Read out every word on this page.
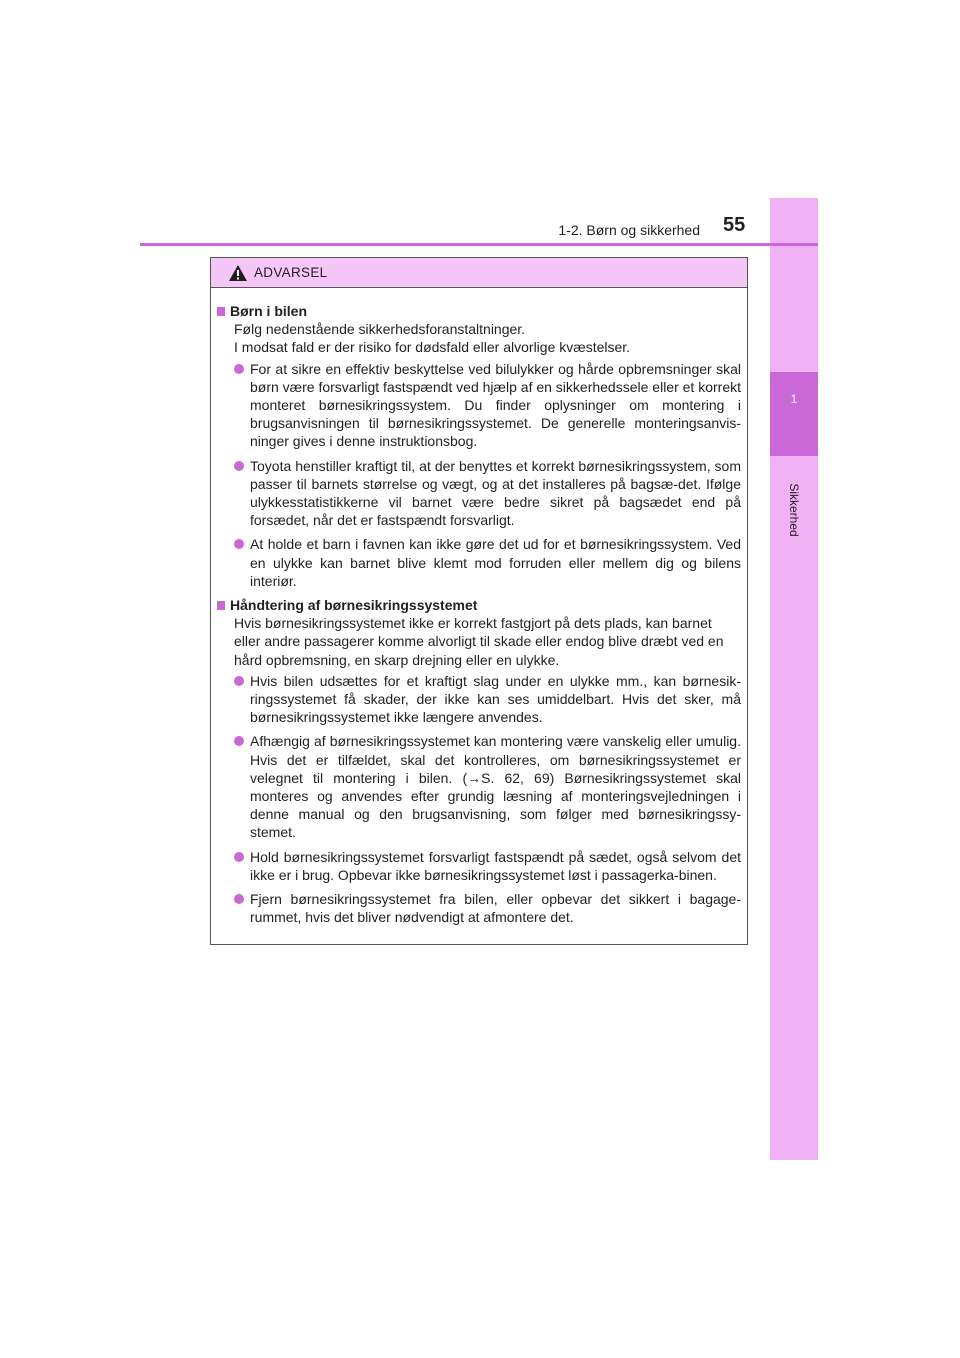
1
Sikkerhed
1-2. Børn og sikkerhed 55
ADVARSEL
Børn i bilen

Følg nedenstående sikkerhedsforanstaltninger.
I modsat fald er der risiko for dødsfald eller alvorlige kvæstelser.

For at sikre en effektiv beskyttelse ved bilulykker og hårde opbremsninger skal børn være forsvarligt fastspændt ved hjælp af en sikkerhedssele eller et korrekt monteret børnesikringssystem. Du finder oplysninger om montering i brugsanvisningen til børnesikringssystemet. De generelle monteringsanvis-ninger gives i denne instruktionsbog.

Toyota henstiller kraftigt til, at der benyttes et korrekt børnesikringssystem, som passer til barnets størrelse og vægt, og at det installeres på bagsæ-det. Ifølge ulykkesstatistikkerne vil barnet være bedre sikret på bagsædet end på forsædet, når det er fastspændt forsvarligt.

At holde et barn i favnen kan ikke gøre det ud for et børnesikringssystem. Ved en ulykke kan barnet blive klemt mod forruden eller mellem dig og bilens interiør.

Håndtering af børnesikringssystemet

Hvis børnesikringssystemet ikke er korrekt fastgjort på dets plads, kan barnet eller andre passagerer komme alvorligt til skade eller endog blive dræbt ved en hård opbremsning, en skarp drejning eller en ulykke.

Hvis bilen udsættes for et kraftigt slag under en ulykke mm., kan børnesik-ringssystemet få skader, der ikke kan ses umiddelbart. Hvis det sker, må børnesikringssystemet ikke længere anvendes.

Afhængig af børnesikringssystemet kan montering være vanskelig eller umulig. Hvis det er tilfældet, skal det kontrolleres, om børnesikringssystemet er velegnet til montering i bilen. (→S. 62, 69) Børnesikringssystemet skal monteres og anvendes efter grundig læsning af monteringsvejledningen i denne manual og den brugsanvisning, som følger med børnesikringssy-stemet.

Hold børnesikringssystemet forsvarligt fastspændt på sædet, også selvom det ikke er i brug. Opbevar ikke børnesikringssystemet løst i passagerka-binen.

Fjern børnesikringssystemet fra bilen, eller opbevar det sikkert i bagage-rummet, hvis det bliver nødvendigt at afmontere det.
